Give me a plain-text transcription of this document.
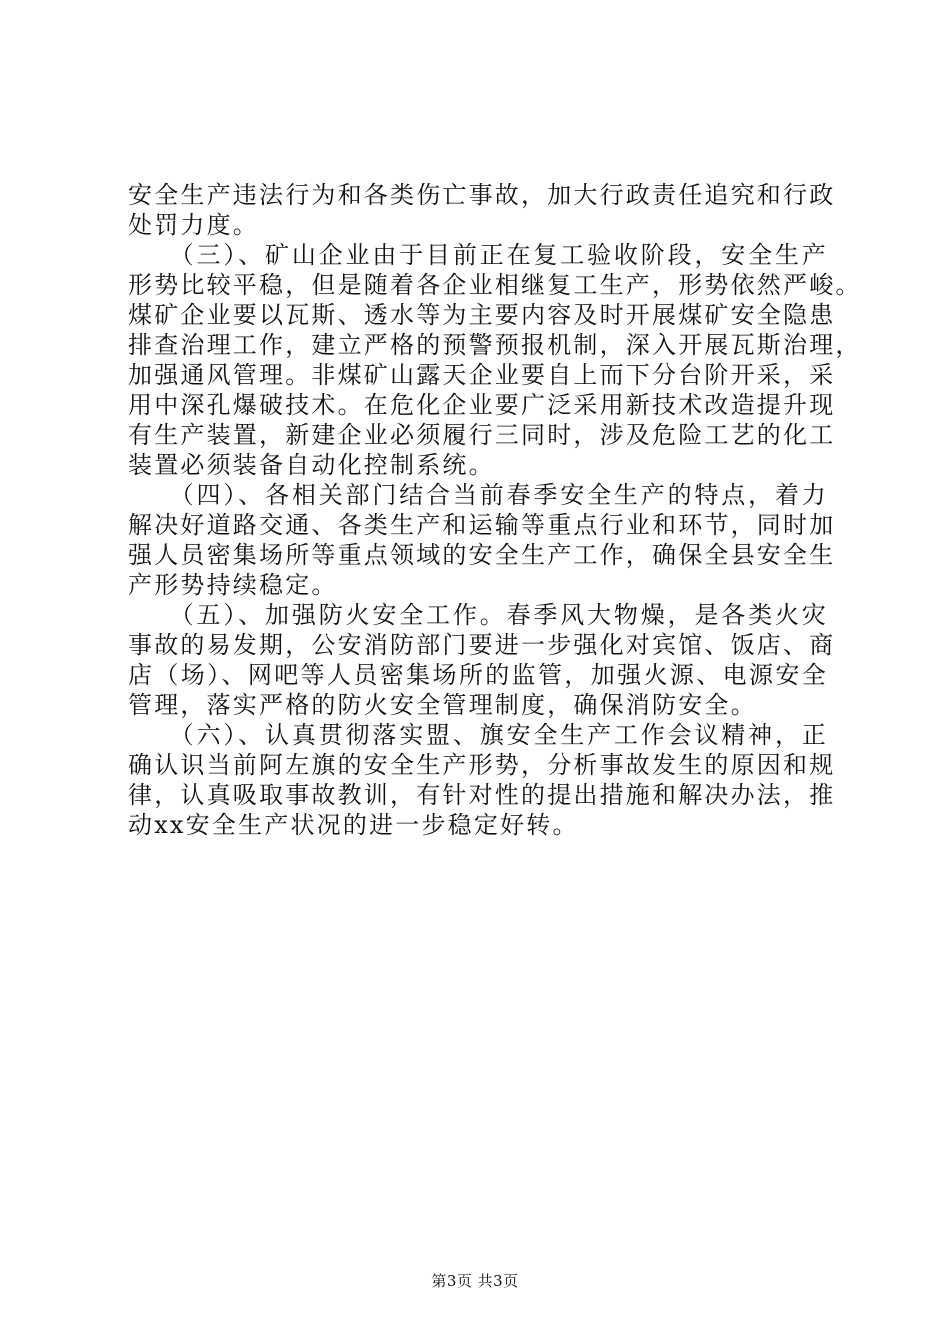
安全生产违法行为和各类伤亡事故，加大行政责任追究和行政
处罚力度。
　　（三）、矿山企业由于目前正在复工验收阶段，安全生产
形势比较平稳，但是随着各企业相继复工生产，形势依然严峻。
煤矿企业要以瓦斯、透水等为主要内容及时开展煤矿安全隐患
排查治理工作，建立严格的预警预报机制，深入开展瓦斯治理，
加强通风管理。非煤矿山露天企业要自上而下分台阶开采，采
用中深孔爆破技术。在危化企业要广泛采用新技术改造提升现
有生产装置，新建企业必须履行三同时，涉及危险工艺的化工
装置必须装备自动化控制系统。
　　（四）、各相关部门结合当前春季安全生产的特点，着力
解决好道路交通、各类生产和运输等重点行业和环节，同时加
强人员密集场所等重点领域的安全生产工作，确保全县安全生
产形势持续稳定。
　　（五）、加强防火安全工作。春季风大物燥，是各类火灾
事故的易发期，公安消防部门要进一步强化对宾馆、饭店、商
店（场）、网吧等人员密集场所的监管，加强火源、电源安全
管理，落实严格的防火安全管理制度，确保消防安全。
　　（六）、认真贯彻落实盟、旗安全生产工作会议精神，正
确认识当前阿左旗的安全生产形势，分析事故发生的原因和规
律，认真吸取事故教训，有针对性的提出措施和解决办法，推
动xx安全生产状况的进一步稳定好转。
第3页 共3页
